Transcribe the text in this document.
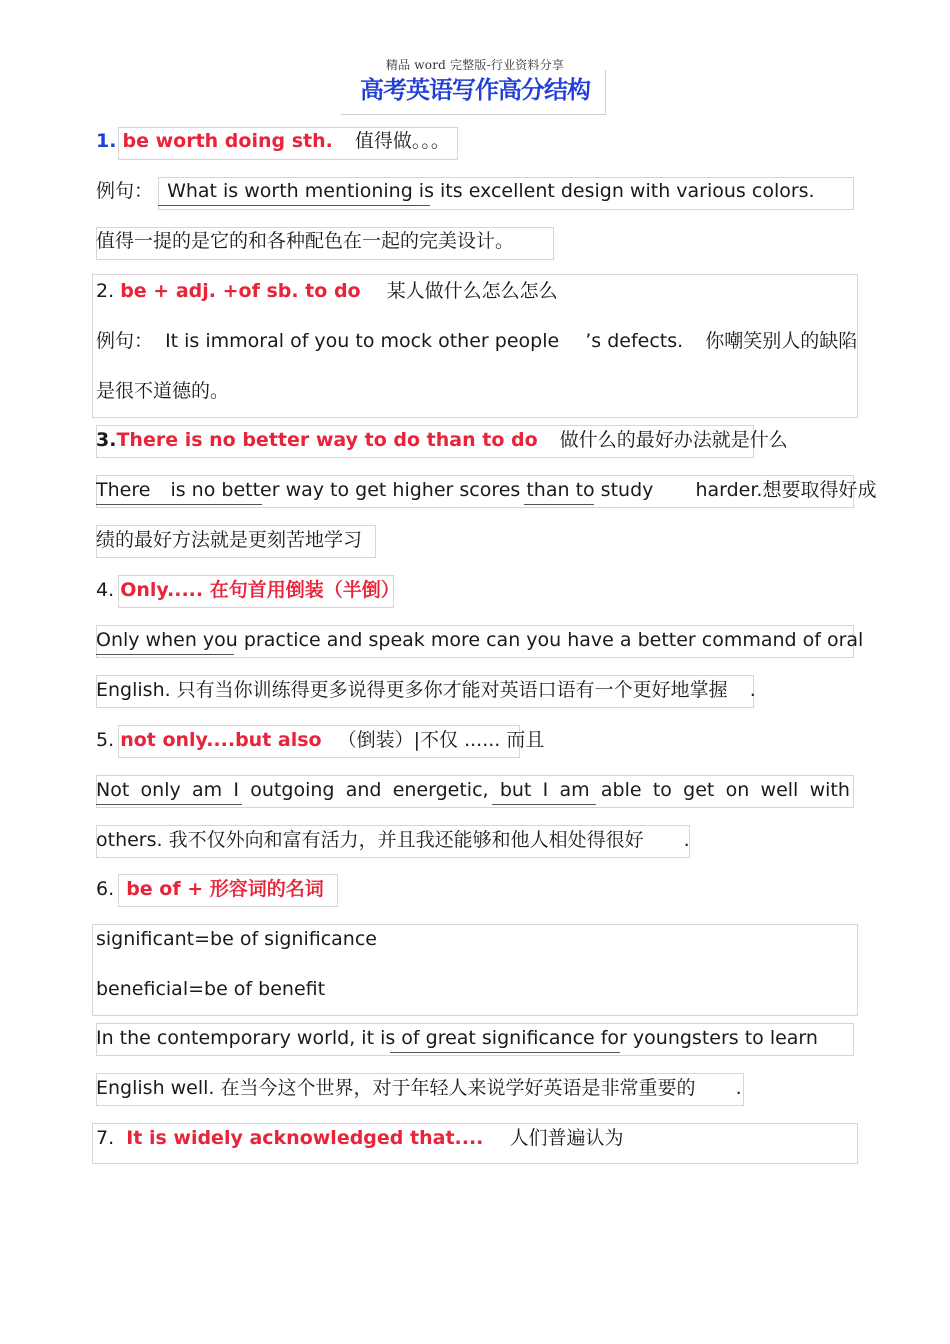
精品 word 完整版-行业资料分享
高考英语写作高分结构
1. be worth doing sth. 值得做。。。
例句： What is worth mentioning is its excellent design with various colors.
值得一提的是它的和各种配色在一起的完美设计。
2. be + adj. +of sb. to do 某人做什么怎么怎么
例句： It is immoral of you to mock other people ’s defects. 你嘲笑别人的缺陷
是很不道德的。
3.There is no better way to do than to do 做什么的最好办法就是什么
There is no better way to get higher scores than to study harder.想要取得好成
绩的最好方法就是更刻苦地学习
4. Only..... 在句首用倒装（半倒）
Only when you practice and speak more can you have a better command of oral
English. 只有当你训练得更多说得更多你才能对英语口语有一个更好地掌握 .
5. not only....but also （倒装）|不仅 ...... 而且
Not only am I outgoing and energetic, but I am able to get on well with
others. 我不仅外向和富有活力，并且我还能够和他人相处得很好 .
6. be of + 形容词的名词
significant=be of significance
beneficial=be of benefit
In the contemporary world, it is of great significance for youngsters to learn
English well. 在当今这个世界，对于年轻人来说学好英语是非常重要的 .
7. It is widely acknowledged that.... 人们普遍认为
